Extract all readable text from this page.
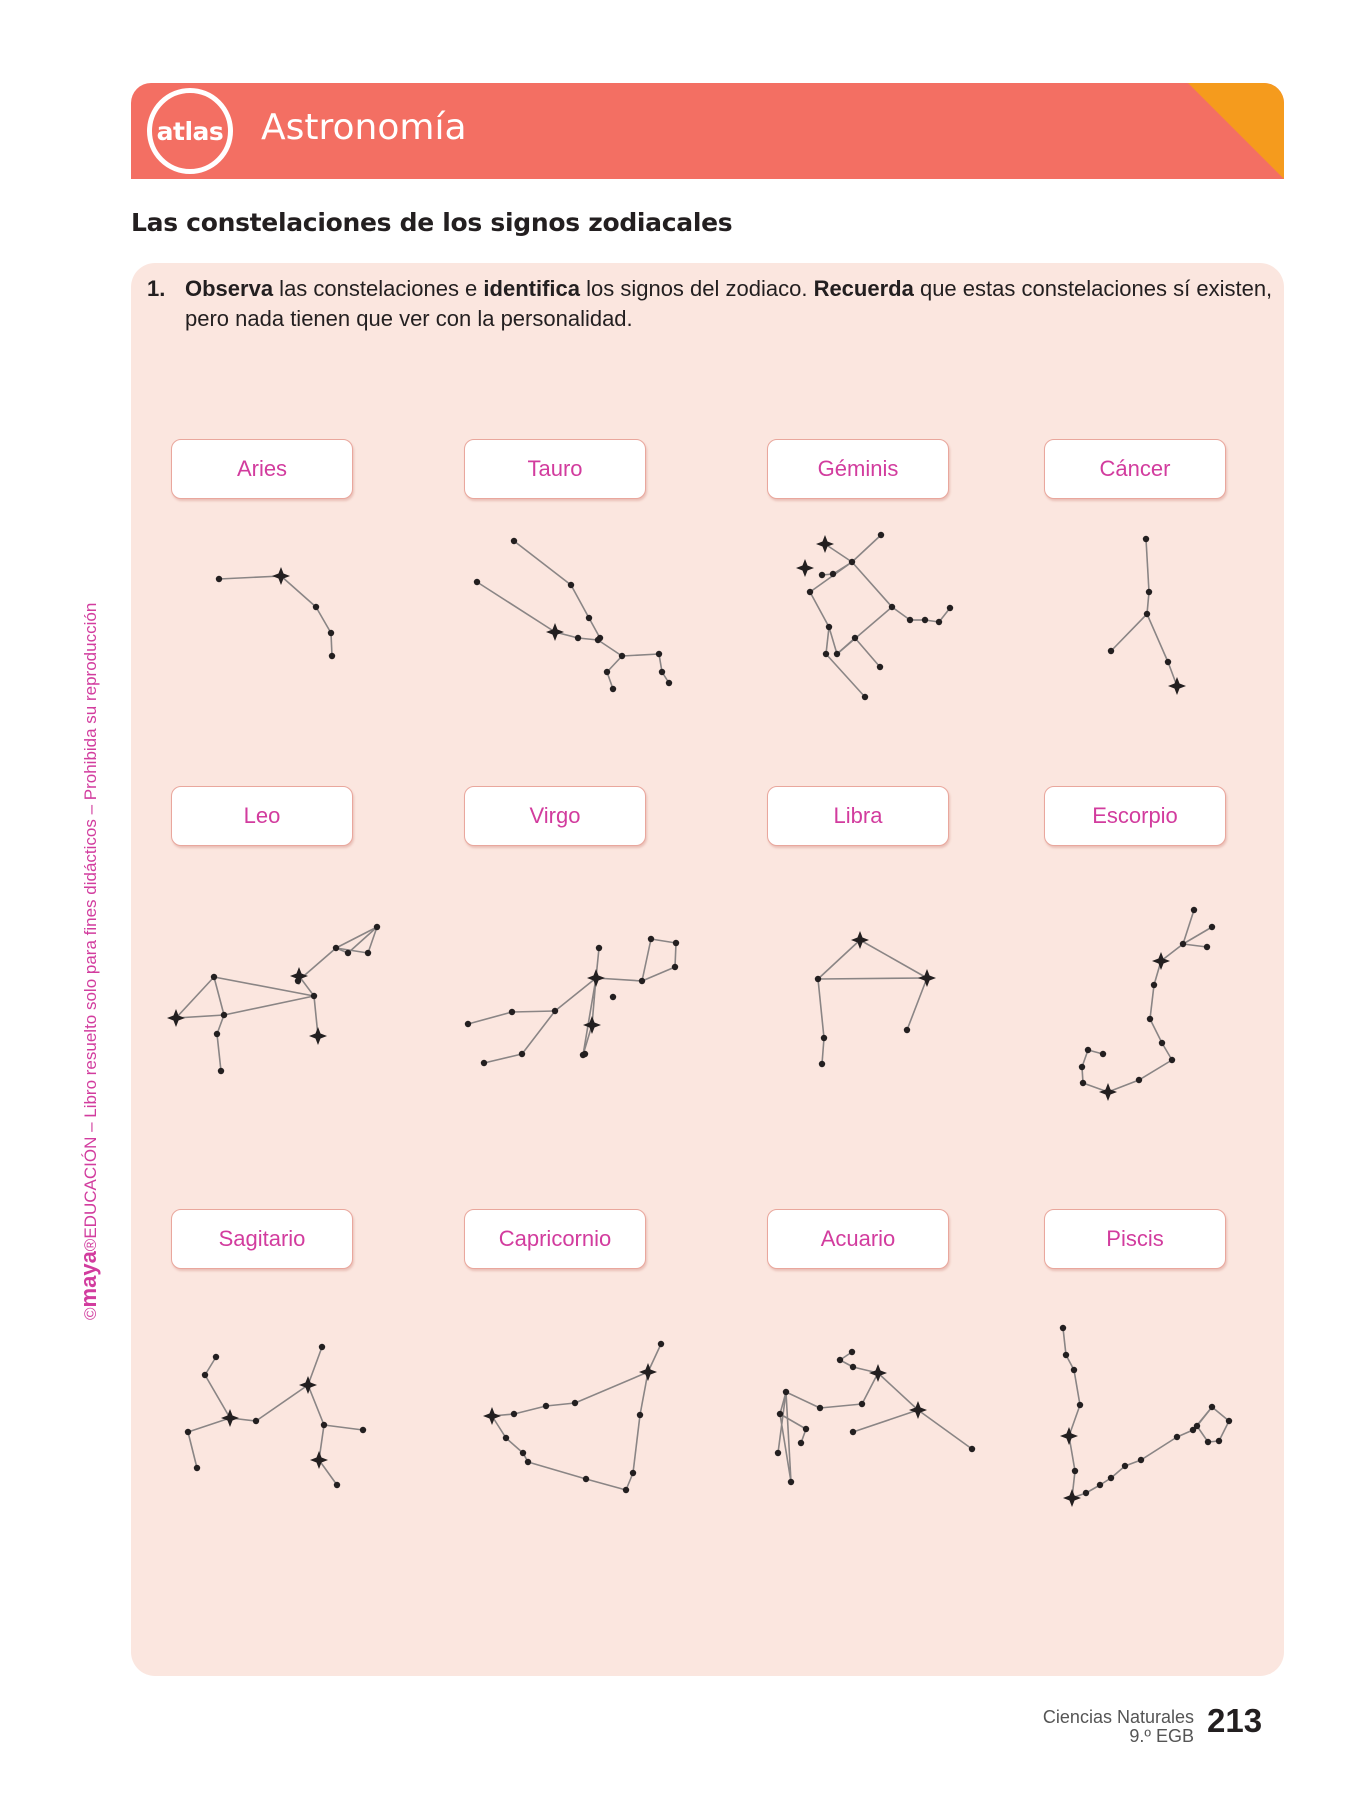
atlas Astronomía
Las constelaciones de los signos zodiacales
1. Observa las constelaciones e identifica los signos del zodiaco. Recuerda que estas constelaciones sí existen, pero nada tienen que ver con la personalidad.
Aries	Tauro	Géminis	Cáncer
Leo	Virgo	Libra	Escorpio
Sagitario	Capricornio	Acuario	Piscis
©maya®EDUCACIÓN – Libro resuelto solo para fines didácticos – Prohibida su reproducción
Ciencias Naturales
9.º EGB 213
